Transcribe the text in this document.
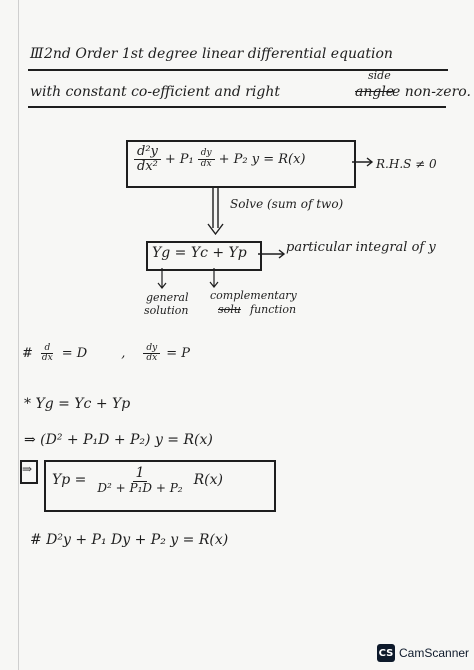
Ⅲ 2nd Order 1st degree linear differential equation
with constant co-efficient and right	angle
side
e non-zero.
$\frac{\text{d²y}}{\text{dx²}} + P_1 \frac{dy}{dx} + P_2$ y = R(x)	R.H.S ≠ 0
Solve (sum of two)
Yg = Yc + Yp	particular integral of y
general
solution
complementary
solu function
# $\frac{d}{dx} = D$	, $\frac{dy}{dx} = P$
* Yg = Yc + Yp
⇒ (D² + P₁D + P₂) y = R(x)
⇒
$Yp = \frac{1}{\text{D² + P₁D + P₂}} R(x)$
# D²y + P₁ Dy + P₂ y = R(x)
CS CamScanner
